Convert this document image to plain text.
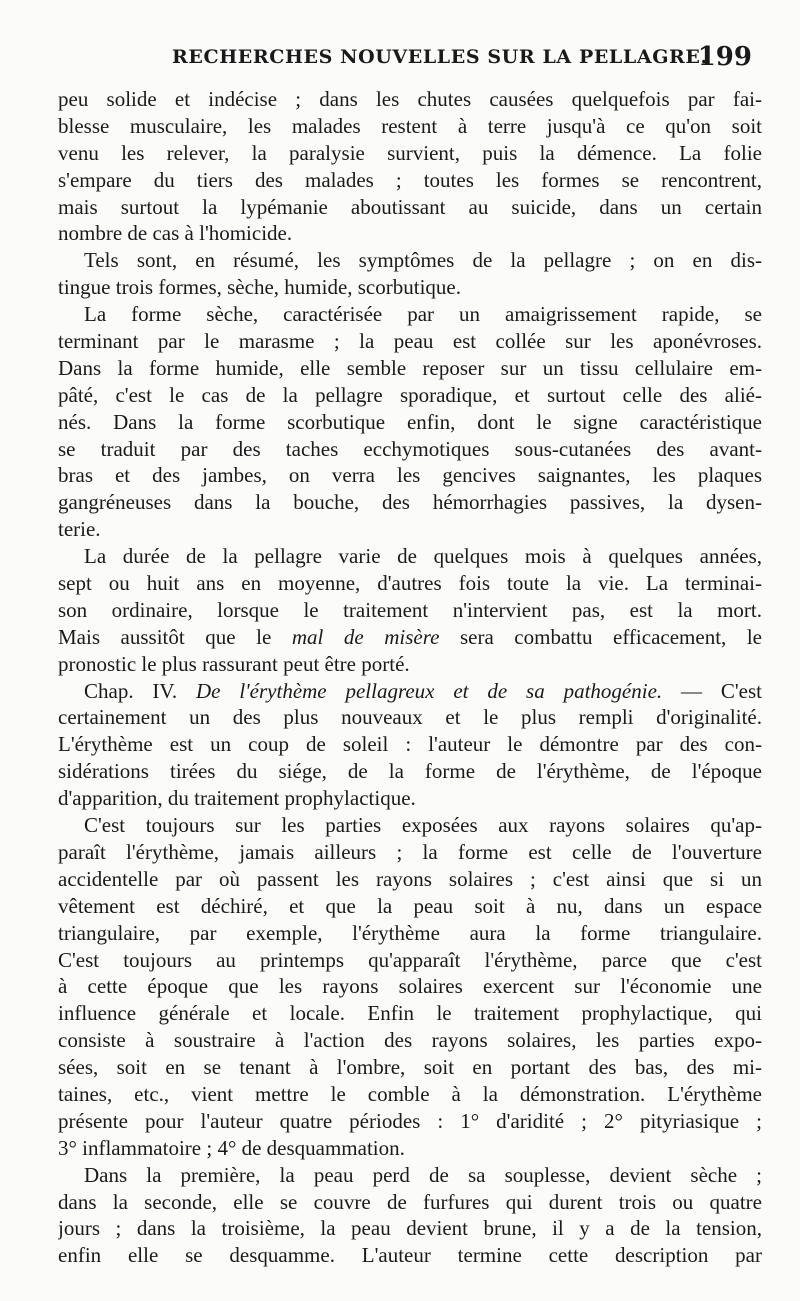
RECHERCHES NOUVELLES SUR LA PELLAGRE.
199
peu solide et indécise ; dans les chutes causées quelquefois par fai-
blesse musculaire, les malades restent à terre jusqu'à ce qu'on soit
venu les relever, la paralysie survient, puis la démence. La folie
s'empare du tiers des malades ; toutes les formes se rencontrent,
mais surtout la lypémanie aboutissant au suicide, dans un certain
nombre de cas à l'homicide.
Tels sont, en résumé, les symptômes de la pellagre ; on en dis-
tingue trois formes, sèche, humide, scorbutique.
La forme sèche, caractérisée par un amaigrissement rapide, se
terminant par le marasme ; la peau est collée sur les aponévroses.
Dans la forme humide, elle semble reposer sur un tissu cellulaire em-
pâté, c'est le cas de la pellagre sporadique, et surtout celle des alié-
nés. Dans la forme scorbutique enfin, dont le signe caractéristique
se traduit par des taches ecchymotiques sous-cutanées des avant-
bras et des jambes, on verra les gencives saignantes, les plaques
gangréneuses dans la bouche, des hémorrhagies passives, la dysen-
terie.
La durée de la pellagre varie de quelques mois à quelques années,
sept ou huit ans en moyenne, d'autres fois toute la vie. La terminai-
son ordinaire, lorsque le traitement n'intervient pas, est la mort.
Mais aussitôt que le mal de misère sera combattu efficacement, le
pronostic le plus rassurant peut être porté.
Chap. IV. De l'érythème pellagreux et de sa pathogénie. — C'est
certainement un des plus nouveaux et le plus rempli d'originalité.
L'érythème est un coup de soleil : l'auteur le démontre par des con-
sidérations tirées du siége, de la forme de l'érythème, de l'époque
d'apparition, du traitement prophylactique.
C'est toujours sur les parties exposées aux rayons solaires qu'ap-
paraît l'érythème, jamais ailleurs ; la forme est celle de l'ouverture
accidentelle par où passent les rayons solaires ; c'est ainsi que si un
vêtement est déchiré, et que la peau soit à nu, dans un espace
triangulaire, par exemple, l'érythème aura la forme triangulaire.
C'est toujours au printemps qu'apparaît l'érythème, parce que c'est
à cette époque que les rayons solaires exercent sur l'économie une
influence générale et locale. Enfin le traitement prophylactique, qui
consiste à soustraire à l'action des rayons solaires, les parties expo-
sées, soit en se tenant à l'ombre, soit en portant des bas, des mi-
taines, etc., vient mettre le comble à la démonstration. L'érythème
présente pour l'auteur quatre périodes : 1° d'aridité ; 2° pityriasique ;
3° inflammatoire ; 4° de desquammation.
Dans la première, la peau perd de sa souplesse, devient sèche ;
dans la seconde, elle se couvre de furfures qui durent trois ou quatre
jours ; dans la troisième, la peau devient brune, il y a de la tension,
enfin elle se desquamme. L'auteur termine cette description par
